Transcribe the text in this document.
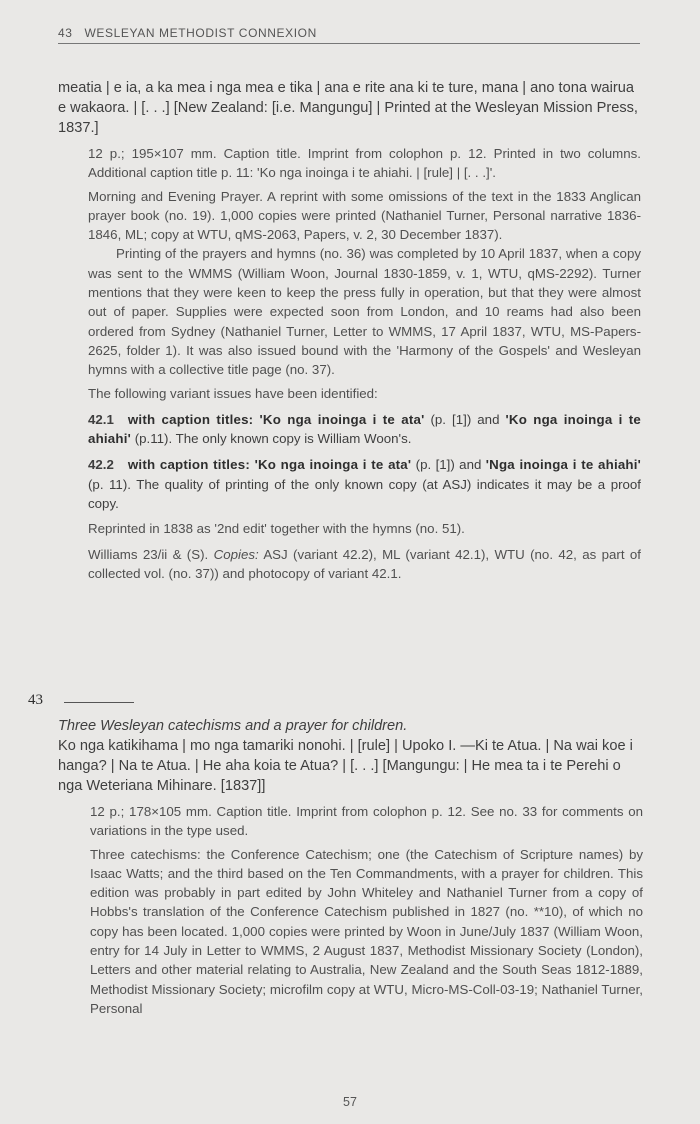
43 WESLEYAN METHODIST CONNEXION

meatia | e ia, a ka mea i nga mea e tika | ana e rite ana ki te ture, mana | ano tona wairua e wakaora. | [. . .] [New Zealand: [i.e. Mangungu] | Printed at the Wesleyan Mission Press, 1837.]

12 p.; 195×107 mm. Caption title. Imprint from colophon p. 12. Printed in two columns. Additional caption title p. 11: 'Ko nga inoinga i te ahiahi. | [rule] | [. . .]'.

Morning and Evening Prayer. A reprint with some omissions of the text in the 1833 Anglican prayer book (no. 19). 1,000 copies were printed (Nathaniel Turner, Personal narrative 1836-1846, ML; copy at WTU, qMS-2063, Papers, v. 2, 30 December 1837).

Printing of the prayers and hymns (no. 36) was completed by 10 April 1837, when a copy was sent to the WMMS (William Woon, Journal 1830-1859, v. 1, WTU, qMS-2292). Turner mentions that they were keen to keep the press fully in operation, but that they were almost out of paper. Supplies were expected soon from London, and 10 reams had also been ordered from Sydney (Nathaniel Turner, Letter to WMMS, 17 April 1837, WTU, MS-Papers-2625, folder 1). It was also issued bound with the 'Harmony of the Gospels' and Wesleyan hymns with a collective title page (no. 37).

The following variant issues have been identified:

42.1 with caption titles: 'Ko nga inoinga i te ata' (p. [1]) and 'Ko nga inoinga i te ahiahi' (p.11). The only known copy is William Woon's.

42.2 with caption titles: 'Ko nga inoinga i te ata' (p. [1]) and 'Nga inoinga i te ahiahi' (p. 11). The quality of printing of the only known copy (at ASJ) indicates it may be a proof copy.

Reprinted in 1838 as '2nd edit' together with the hymns (no. 51).

Williams 23/ii & (S). Copies: ASJ (variant 42.2), ML (variant 42.1), WTU (no. 42, as part of collected vol. (no. 37)) and photocopy of variant 42.1.

43

Three Wesleyan catechisms and a prayer for children.

Ko nga katikihama | mo nga tamariki nonohi. | [rule] | Upoko I. —Ki te Atua. | Na wai koe i hanga? | Na te Atua. | He aha koia te Atua? | [. . .] [Mangungu: | He mea ta i te Perehi o nga Weteriana Mihinare. [1837]]

12 p.; 178×105 mm. Caption title. Imprint from colophon p. 12. See no. 33 for comments on variations in the type used.

Three catechisms: the Conference Catechism; one (the Catechism of Scripture names) by Isaac Watts; and the third based on the Ten Commandments, with a prayer for children. This edition was probably in part edited by John Whiteley and Nathaniel Turner from a copy of Hobbs's translation of the Conference Catechism published in 1827 (no. **10), of which no copy has been located. 1,000 copies were printed by Woon in June/July 1837 (William Woon, entry for 14 July in Letter to WMMS, 2 August 1837, Methodist Missionary Society (London), Letters and other material relating to Australia, New Zealand and the South Seas 1812-1889, Methodist Missionary Society; microfilm copy at WTU, Micro-MS-Coll-03-19; Nathaniel Turner, Personal

57
